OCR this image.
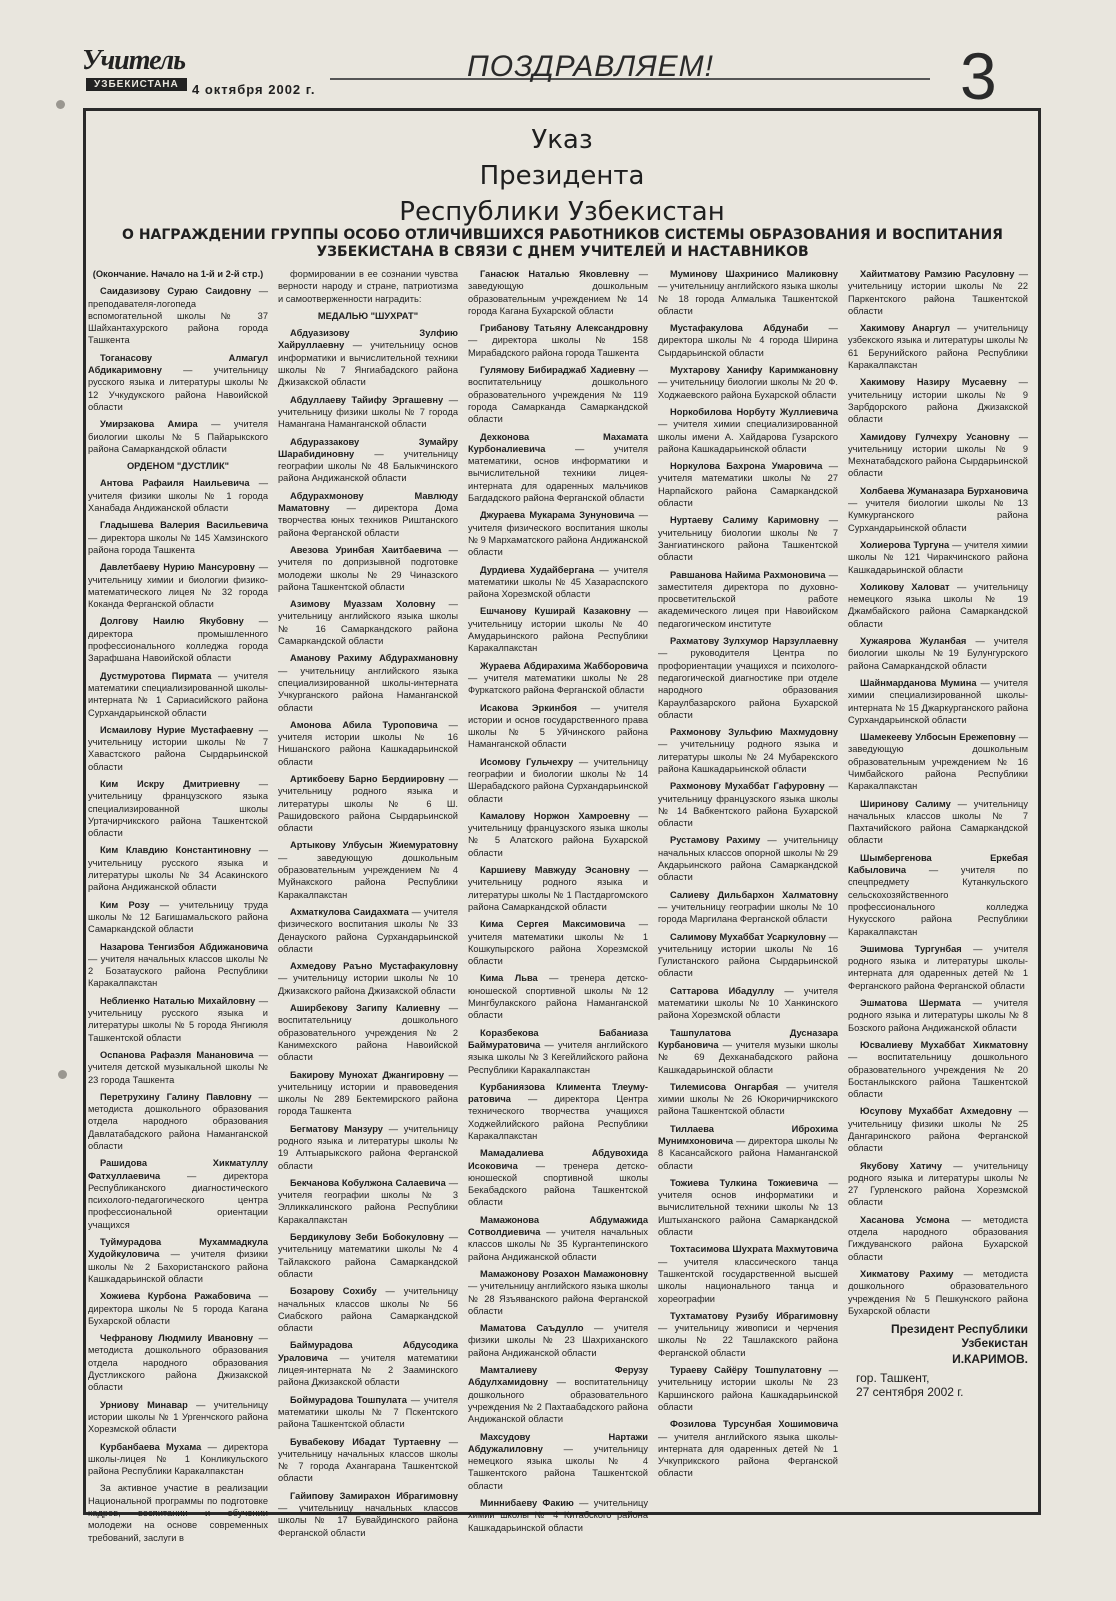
Учитель
УЗБЕКИСТАНА	4 октября 2002 г.
ПОЗДРАВЛЯЕМ!	3
Указ
Президента
Республики Узбекистан
О НАГРАЖДЕНИИ ГРУППЫ ОСОБО ОТЛИЧИВШИХСЯ РАБОТНИКОВ СИСТЕМЫ ОБРАЗОВАНИЯ И ВОСПИТАНИЯ
УЗБЕКИСТАНА В СВЯЗИ С ДНЕМ УЧИТЕЛЕЙ И НАСТАВНИКОВ

(Окончание. Начало на 1-й и 2-й стр.)

Саидазизову Сураю Саидовну — преподавателя-логопеда вспомогательной школы № 37 Шайхантахурского района города Ташкента

Тоганасову Алмагул Абдикаримовну — учительницу русского языка и литературы школы № 12 Учкудукского района Навоийской области

Умирзакова Амира — учителя биологии школы № 5 Пайарыкского района Самаркандской области

ОРДЕНОМ "ДУСТЛИК"

Антова Рафаиля Наильевича — учителя физики школы № 1 города Ханабада Андижанской области

Гладышева Валерия Васильевича — директора школы № 145 Хамзинского района города Ташкента

Давлетбаеву Нурию Мансуровну — учительницу химии и биологии физико-математического лицея № 32 города Коканда Ферганской области

Долгову Наилю Якубовну — директора промышленного профессионального колледжа города Зарафшана Навоийской области

Дустмуротова Пирмата — учителя математики специализированной школы-интерната № 1 Сариасийского района Сурхандарьинской области

Исмаилову Нурие Мустафаевну — учительницу истории школы № 7 Хавастского района Сырдарьинской области

Ким Искру Дмитриевну — учительницу французского языка специализированной школы Уртачирчикского района Ташкентской области

Ким Клавдию Константиновну — учительницу русского языка и литературы школы № 34 Асакинского района Андижанской области

Ким Розу — учительницу труда школы № 12 Багишамальского района Самаркандской области

Назарова Тенгизбоя Абдижановича — учителя начальных классов школы № 2 Бозатауского района Республики Каракалпакстан

Неблиенко Наталью Михайловну — учительницу русского языка и литературы школы № 5 города Янгиюля Ташкентской области

Оспанова Рафаэля Манановича — учителя детской музыкальной школы № 23 города Ташкента

Перетрухину Галину Павловну — методиста дошкольного образования отдела народного образования Давлатабадского района Наманганской области

Рашидова Хикматуллу Фатхуллаевича — директора Республиканского диагностического психолого-педагогического центра профессиональной ориентации учащихся

Туймурадова Мухаммадкула Худойкуловича — учителя физики школы № 2 Бахористанского района Кашкадарьинской области

Хожиева Курбона Ражабовича — директора школы № 5 города Кагана Бухарской области

Чефранову Людмилу Ивановну — методиста дошкольного образования отдела народного образования Дустликского района Джизакской области

Урниову Минавар — учительницу истории школы № 1 Ургенчского района Хорезмской области

Курбанбаева Мухама — директора школы-лицея № 1 Конликульского района Республики Каракалпакстан

За активное участие в реализации Национальной программы по подготовке кадров, воспитании и обучении молодежи на основе современных требований, заслуги в

формировании в ее сознании чувства верности народу и стране, патриотизма и самоотверженности наградить:

МЕДАЛЬЮ "ШУХРАТ"

Абдуазизову Зулфию Хайруллаевну — учительницу основ информатики и вычислительной техники школы № 7 Янгиабадского района Джизакской области

Абдуллаеву Тайифу Эргашевну — учительницу физики школы № 7 города Намангана Наманганской области

Абдураззакову Зумайру Шарабидиновну — учительницу географии школы № 48 Балыкчинского района Андижанской области

Абдурахмонову Мавлюду Маматовну — директора Дома творчества юных техников Риштанского района Ферганской области

Авезова Уринбая Хаитбаевича — учителя по допризывной подготовке молодежи школы № 29 Чиназского района Ташкентской области

Азимову Муаззам Холовну — учительницу английского языка школы № 16 Самаркандского района Самаркандской области

Аманову Рахиму Абдурахмановну — учительницу английского языка специализированной школы-интерната Учкурганского района Наманганской области

Амонова Абила Туроповича — учителя истории школы № 16 Нишанского района Кашкадарьинской области

Артикбоеву Барно Бердиировну — учительницу родного языка и литературы школы № 6 Ш. Рашидовского района Сырдарьинской области

Артыкову Улбусын Жиемуратовну — заведующую дошкольным образовательным учреждением № 4 Муйнакского района Республики Каракалпакстан

Ахматкулова Саидахмата — учителя физического воспитания школы № 33 Денауского района Сурхандарьинской области

Ахмедову Раъно Мустафакуловну — учительницу истории школы № 10 Джизакского района Джизакской области

Аширбекову Загипу Калиевну — воспитательницу дошкольного образовательного учреждения № 2 Канимехского района Навоийской области

Бакирову Мунохат Джангировну — учительницу истории и правоведения школы № 289 Бектемирского района города Ташкента

Бегматову Манзуру — учительницу родного языка и литературы школы № 19 Алтыарыкского района Ферганской области

Бекчанова Кобулжона Салаевича — учителя географии школы № 3 Элликкалинского района Республики Каракалпакстан

Бердикулову Зеби Бобокуловну — учительницу математики школы № 4 Тайлакского района Самаркандской области

Бозарову Сохибу — учительницу начальных классов школы № 56 Сиабского района Самаркандской области

Баймурадова Абдусодика Ураловича — учителя математики лицея-интерната № 2 Зааминского района Джизакской области

Боймурадова Тошпулата — учителя математики школы № 7 Пскентского района Ташкентской области

Бувабекову Ибадат Туртаевну — учительницу начальных классов школы № 7 города Ахангарана Ташкентской области

Гайипову Замирахон Ибрагимовну — учительницу начальных классов школы № 17 Бувайдинского района Ферганской области

Ганасюк Наталью Яковлевну — заведующую дошкольным образовательным учреждением № 14 города Кагана Бухарской области

Грибанову Татьяну Александровну — директора школы № 158 Мирабадского района города Ташкента

Гулямову Бибираджаб Хадиевну — воспитательницу дошкольного образовательного учреждения № 119 города Самарканда Самаркандской области

Дехконова Махамата Курбоналиевича — учителя математики, основ информатики и вычислительной техники лицея-интерната для одаренных мальчиков Багдадского района Ферганской области

Джураева Мукарама Зунуновича — учителя физического воспитания школы № 9 Мархаматского района Андижанской области

Дурдиева Худайбергана — учителя математики школы № 45 Хазараспского района Хорезмской области

Ешчанову Куширай Казаковну — учительницу истории школы № 40 Амударьинского района Республики Каракалпакстан

Жураева Абдирахима Жабборовича — учителя математики школы № 28 Фуркатского района Ферганской области

Исакова Эркинбоя — учителя истории и основ государственного права школы № 5 Уйчинского района Наманганской области

Исомову Гульчехру — учительницу географии и биологии школы № 14 Шерабадского района Сурхандарьинской области

Камалову Норжон Хамроевну — учительницу французского языка школы № 5 Алатского района Бухарской области

Каршиеву Мавжуду Эсановну — учительницу родного языка и литературы школы № 1 Пастдаргомского района Самаркандской области

Кима Сергея Максимовича — учителя математики школы № 1 Кошкупырского района Хорезмской области

Кима Льва — тренера детско-юношеской спортивной школы №12 Мингбулакского района Наманганской области

Коразбекова Бабаниаза Баймуратовича — учителя английского языка школы № 3 Кегейлийского района Республики Каракалпакстан

Курбаниязова Климента Тлеумуратовича — директора Центра технического творчества учащихся Ходжейлийского района Республики Каракалпакстан

Мамадалиева Абдувохида Исоковича — тренера детско-юношеской спортивной школы Бекабадского района Ташкентской области

Мамажонова Абдумажида Сотволдиевича — учителя начальных классов школы № 35 Кургантепинского района Андижанской области

Мамажонову Розахон Мамажоновну — учительницу английского языка школы № 28 Язъяванского района Ферганской области

Маматова Саъдулло — учителя физики школы № 23 Шахриханского района Андижанской области

Мамталиеву Ферузу Абдулхамидовну — воспитательницу дошкольного образовательного учреждения № 2 Пахтаабадского района Андижанской области

Махсудову Нартажи Абдужалиловну — учительницу немецкого языка школы № 4 Ташкентского района Ташкентской области

Миннибаеву Факию — учительницу химии школы № 4 Китабского района Кашкадарьинской области

Муминову Шахринисо Маликовну — учительницу английского языка школы № 18 города Алмалыка Ташкентской области

Мустафакулова Абдунаби — директора школы № 4 города Ширина Сырдарьинской области

Мухтарову Ханифу Каримжановну — учительницу биологии школы № 20 Ф. Ходжаевского района Бухарской области

Норкобилова Норбуту Жуллиевича — учителя химии специализированной школы имени А. Хайдарова Гузарского района Кашкадарьинской области

Норкулова Бахрона Умаровича — учителя математики школы № 27 Нарпайского района Самаркандской области

Нуртаеву Салиму Каримовну — учительницу биологии школы № 7 Зангиатинского района Ташкентской области

Равшанова Найима Рахмоновича — заместителя директора по духовно-просветительской работе академического лицея при Навоийском педагогическом институте

Рахматову Зулхумор Нарзуллаевну — руководителя Центра по профориентации учащихся и психолого-педагогической диагностике при отделе народного образования Караулбазарского района Бухарской области

Рахмонову Зульфию Махмудовну — учительницу родного языка и литературы школы № 24 Мубарекского района Кашкадарьинской области

Рахмонову Мухаббат Гафуровну — учительницу французского языка школы № 14 Вабкентского района Бухарской области

Рустамову Рахиму — учительницу начальных классов опорной школы № 29 Акдарьинского района Самаркандской области

Салиеву Дильбархон Халматовну — учительницу географии школы № 10 города Маргилана Ферганской области

Салимову Мухаббат Усаркуловну — учительницу истории школы № 16 Гулистанского района Сырдарьинской области

Саттарова Ибадуллу — учителя математики школы № 10 Ханкинского района Хорезмской области

Ташпулатова Дусназара Курбановича — учителя музыки школы № 69 Дехканабадского района Кашкадарьинской области

Тилемисова Онгарбая — учителя химии школы № 26 Юкоричирчикского района Ташкентской области

Тиллаева Иброхима Мунимхоновича — директора школы № 8 Касансайского района Наманганской области

Тожиева Тулкина Тожиевича — учителя основ информатики и вычислительной техники школы № 13 Иштыханского района Самаркандской области

Тохтасимова Шухрата Махмутовича — учителя классического танца Ташкентской государственной высшей школы национального танца и хореографии

Тухтаматову Рузибу Ибрагимовну — учительницу живописи и черчения школы № 22 Ташлакского района Ферганской области

Тураеву Сайёру Тошпулатовну — учительницу истории школы № 23 Каршинского района Кашкадарьинской области

Фозилова Турсунбая Хошимовича — учителя английского языка школы-интерната для одаренных детей № 1 Учкуприкского района Ферганской области

Хайитматову Рамзию Расуловну — учительницу истории школы № 22 Паркентского района Ташкентской области

Хакимову Анаргул — учительницу узбекского языка и литературы школы № 61 Берунийского района Республики Каракалпакстан

Хакимову Назиру Мусаевну — учительницу истории школы № 9 Зарбдорского района Джизакской области

Хамидову Гулчехру Усановну — учительницу истории школы № 9 Мехнатабадского района Сырдарьинской области

Холбаева Жуманазара Бурхановича — учителя биологии школы № 13 Кумкурганского района Сурхандарьинской области

Холиерова Тургуна — учителя химии школы № 121 Чиракчинского района Кашкадарьинской области

Холикову Халоват — учительницу немецкого языка школы № 19 Джамбайского района Самаркандской области

Хужаярова Жуланбая — учителя биологии школы №19 Булунгурского района Самаркандской области

Шайнмарданова Мумина — учителя химии специализированной школы-интерната № 15 Джаркурганского района Сурхандарьинской области

Шамекееву Улбосын Ережеповну — заведующую дошкольным образовательным учреждением № 16 Чимбайского района Республики Каракалпакстан

Ширинову Салиму — учительницу начальных классов школы № 7 Пахтачийского района Самаркандской области

Шымбергенова Еркебая Кабыловича — учителя по спецпредмету Кутанкульского сельскохозяйственного профессионального колледжа Нукусского района Республики Каракалпакстан

Эшимова Тургунбая — учителя родного языка и литературы школы-интерната для одаренных детей № 1 Ферганского района Ферганской области

Эшматова Шермата — учителя родного языка и литературы школы № 8 Бозского района Андижанской области

Юсвалиеву Мухаббат Хикматовну — воспитательницу дошкольного образовательного учреждения № 20 Бостанлыкского района Ташкентской области

Юсупову Мухаббат Ахмедовну — учительницу физики школы № 25 Дангаринского района Ферганской области

Якубову Хатичу — учительницу родного языка и литературы школы № 27 Гурленского района Хорезмской области

Хасанова Усмона — методиста отдела народного образования Гиждуванского района Бухарской области

Хикматову Рахиму — методиста дошкольного образовательного учреждения № 5 Пешкунского района Бухарской области

Президент Республики Узбекистан

И.КАРИМОВ.

гор. Ташкент,

27 сентября 2002 г.
